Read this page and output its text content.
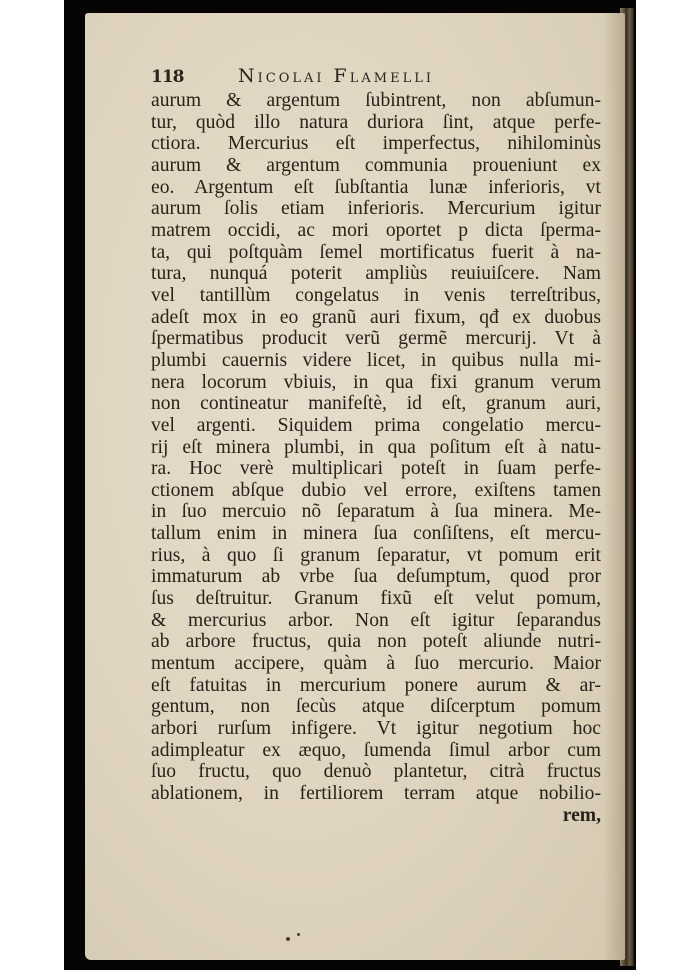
118	Nicolai Flamelli
aurum & argentum ſubintrent, non abſumun-
tur, quòd illo natura duriora ſint, atque perfe-
ctiora. Mercurius eſt imperfectus, nihilominùs
aurum & argentum communia proueniunt ex
eo. Argentum eſt ſubſtantia lunæ inferioris, vt
aurum ſolis etiam inferioris. Mercurium igitur
matrem occidi, ac mori oportet p dicta ſperma-
ta, qui poſtquàm ſemel mortificatus fuerit à na-
tura, nunquá poterit ampliùs reuiuiſcere. Nam
vel tantillùm congelatus in venis terreſtribus,
adeſt mox in eo granũ auri fixum, qđ ex duobus
ſpermatibus producit verũ germẽ mercurij. Vt à
plumbi cauernis videre licet, in quibus nulla mi-
nera locorum vbiuis, in qua fixi granum verum
non contineatur manifeſtè, id eſt, granum auri,
vel argenti. Siquidem prima congelatio mercu-
rij eſt minera plumbi, in qua poſitum eſt à natu-
ra. Hoc verè multiplicari poteſt in ſuam perfe-
ctionem abſque dubio vel errore, exiſtens tamen
in ſuo mercuio nõ ſeparatum à ſua minera. Me-
tallum enim in minera ſua conſiſtens, eſt mercu-
rius, à quo ſi granum ſeparatur, vt pomum erit
immaturum ab vrbe ſua deſumptum, quod pror
ſus deſtruitur. Granum fixũ eſt velut pomum,
& mercurius arbor. Non eſt igitur ſeparandus
ab arbore fructus, quia non poteſt aliunde nutri-
mentum accipere, quàm à ſuo mercurio. Maior
eſt fatuitas in mercurium ponere aurum & ar-
gentum, non ſecùs atque diſcerptum pomum
arbori rurſum infigere. Vt igitur negotium hoc
adimpleatur ex æquo, ſumenda ſimul arbor cum
ſuo fructu, quo denuò plantetur, citrà fructus
ablationem, in fertiliorem terram atque nobilio-
rem,
